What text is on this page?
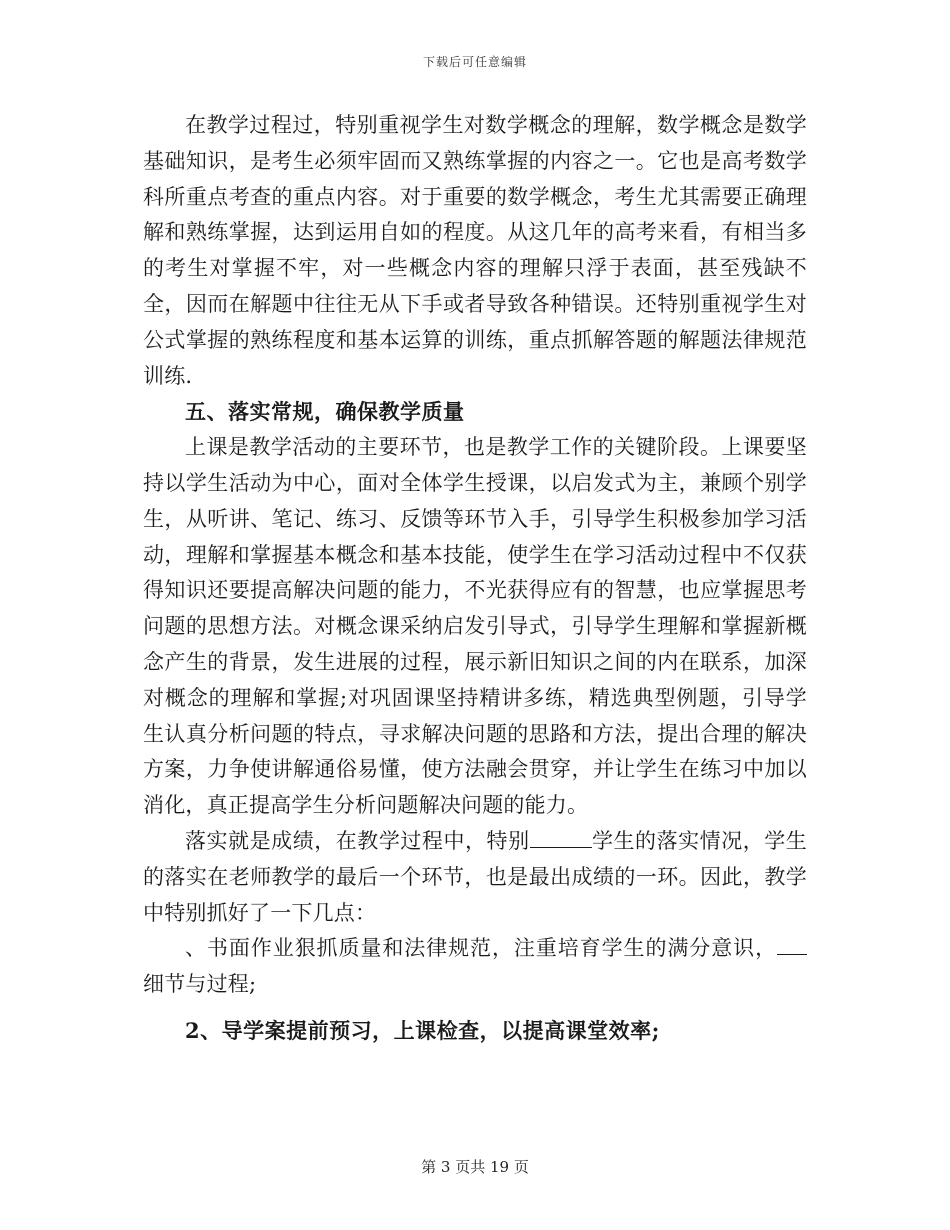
下载后可任意编辑

在教学过程过，特别重视学生对数学概念的理解，数学概念是数学基础知识，是考生必须牢固而又熟练掌握的内容之一。它也是高考数学科所重点考查的重点内容。对于重要的数学概念，考生尤其需要正确理解和熟练掌握，达到运用自如的程度。从这几年的高考来看，有相当多的考生对掌握不牢，对一些概念内容的理解只浮于表面，甚至残缺不全，因而在解题中往往无从下手或者导致各种错误。还特别重视学生对公式掌握的熟练程度和基本运算的训练，重点抓解答题的解题法律规范训练.

五、落实常规，确保教学质量

上课是教学活动的主要环节，也是教学工作的关键阶段。上课要坚持以学生活动为中心，面对全体学生授课，以启发式为主，兼顾个别学生，从听讲、笔记、练习、反馈等环节入手，引导学生积极参加学习活动，理解和掌握基本概念和基本技能，使学生在学习活动过程中不仅获得知识还要提高解决问题的能力，不光获得应有的智慧，也应掌握思考问题的思想方法。对概念课采纳启发引导式，引导学生理解和掌握新概念产生的背景，发生进展的过程，展示新旧知识之间的内在联系，加深对概念的理解和掌握;对巩固课坚持精讲多练，精选典型例题，引导学生认真分析问题的特点，寻求解决问题的思路和方法，提出合理的解决方案，力争使讲解通俗易懂，使方法融会贯穿，并让学生在练习中加以消化，真正提高学生分析问题解决问题的能力。

落实就是成绩，在教学过程中，特别	学生的落实情况，学生的落实在老师教学的最后一个环节，也是最出成绩的一环。因此，教学中特别抓好了一下几点：

、书面作业狠抓质量和法律规范，注重培育学生的满分意识，细节与过程;

2、导学案提前预习，上课检查，以提高课堂效率;

第 3 页共 19 页
